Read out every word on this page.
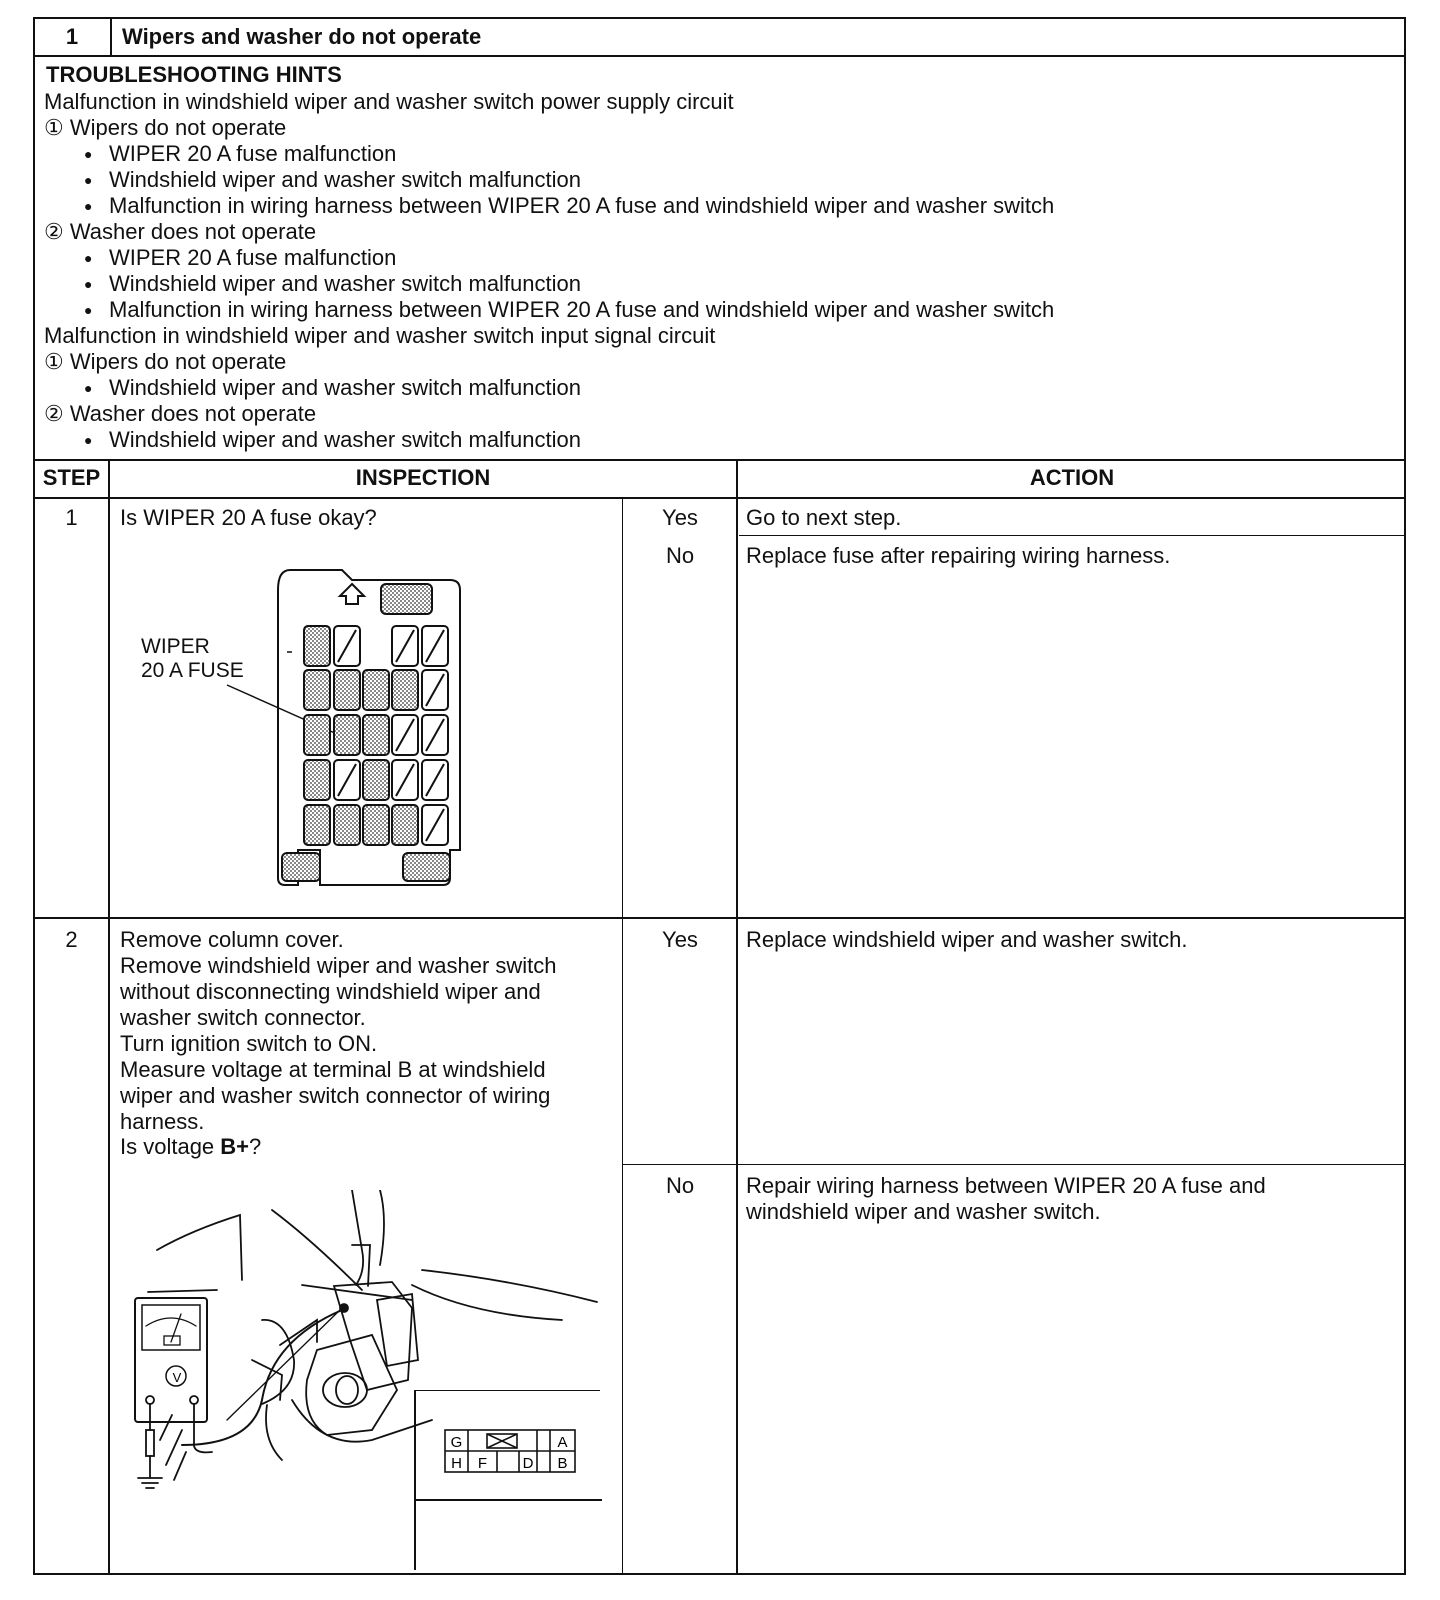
1	Wipers and washer do not operate
TROUBLESHOOTING HINTS
Malfunction in windshield wiper and washer switch power supply circuit
① Wipers do not operate
● WIPER 20 A fuse malfunction
● Windshield wiper and washer switch malfunction
● Malfunction in wiring harness between WIPER 20 A fuse and windshield wiper and washer switch
② Washer does not operate
● WIPER 20 A fuse malfunction
● Windshield wiper and washer switch malfunction
● Malfunction in wiring harness between WIPER 20 A fuse and windshield wiper and washer switch
Malfunction in windshield wiper and washer switch input signal circuit
① Wipers do not operate
● Windshield wiper and washer switch malfunction
② Washer does not operate
● Windshield wiper and washer switch malfunction
STEP	INSPECTION	ACTION
1	Is WIPER 20 A fuse okay?	Yes	Go to next step.
No	Replace fuse after repairing wiring harness.
WIPER
20 A FUSE
2	Remove column cover.
Remove windshield wiper and washer switch
without disconnecting windshield wiper and
washer switch connector.
Turn ignition switch to ON.
Measure voltage at terminal B at windshield
wiper and washer switch connector of wiring
harness.
Is voltage B+?
Yes	Replace windshield wiper and washer switch.
No	Repair wiring harness between WIPER 20 A fuse and
windshield wiper and washer switch.
G	A
H F D B
V
